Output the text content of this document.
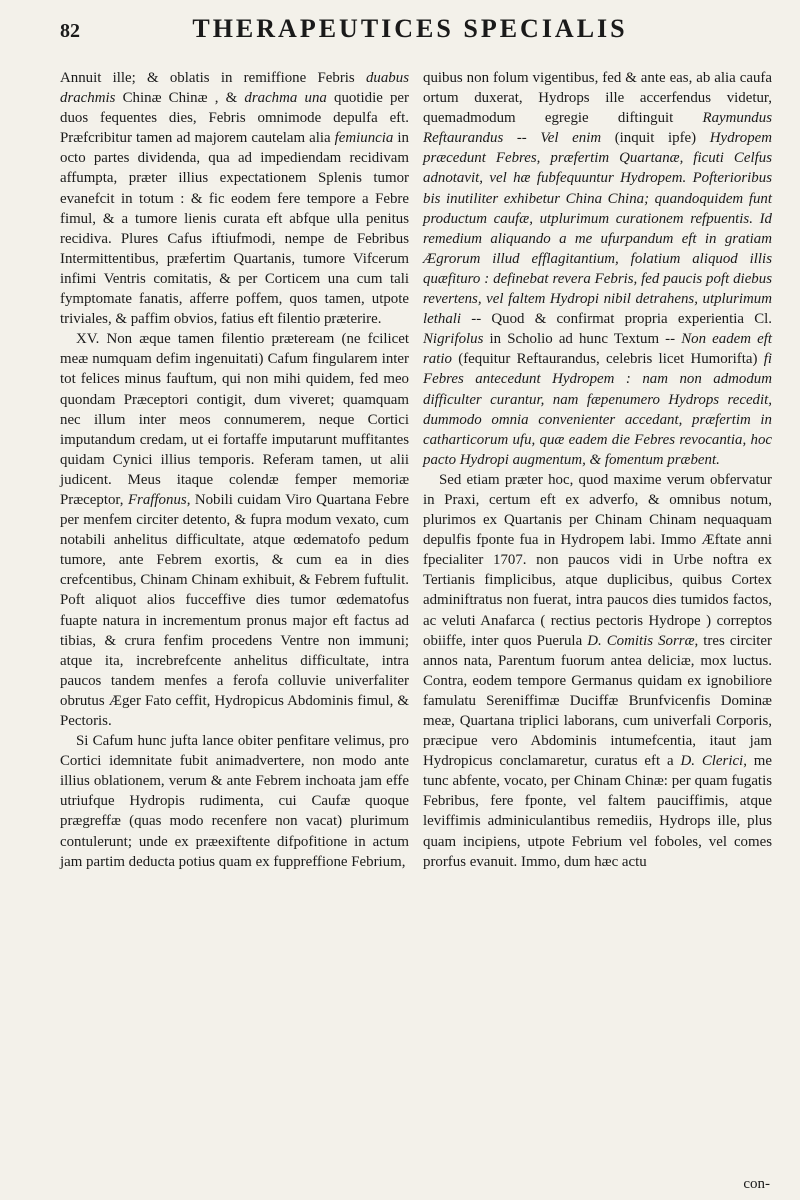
82	THERAPEUTICES SPECIALIS

Annuit ille; & oblatis in remiffione Febris duabus drachmis Chinæ Chinæ , & drachma una quotidie per duos fequentes dies, Febris omnimode depulfa eft. Præfcribitur tamen ad majorem cautelam alia femiuncia in octo partes dividenda, qua ad impediendam recidivam affumpta, præter illius expectationem Splenis tumor evanefcit in totum : & fic eodem fere tempore a Febre fimul, & a tumore lienis curata eft abfque ulla penitus recidiva. Plures Cafus iftiufmodi, nempe de Febribus Intermittentibus, præfertim Quartanis, tumore Vifcerum infimi Ventris comitatis, & per Corticem una cum tali fymptomate fanatis, afferre poffem, quos tamen, utpote triviales, & paffim obvios, fatius eft filentio præterire.

XV. Non æque tamen filentio præteream (ne fcilicet meæ numquam defim ingenuitati) Cafum fingularem inter tot felices minus fauftum, qui non mihi quidem, fed meo quondam Præceptori contigit, dum viveret; quamquam nec illum inter meos connumerem, neque Cortici imputandum credam, ut ei fortaffe imputarunt muffitantes quidam Cynici illius temporis. Referam tamen, ut alii judicent. Meus itaque colendæ femper memoriæ Præceptor, Fraffonus, Nobili cuidam Viro Quartana Febre per menfem circiter detento, & fupra modum vexato, cum notabili anhelitus difficultate, atque œdematofo pedum tumore, ante Febrem exortis, & cum ea in dies crefcentibus, Chinam Chinam exhibuit, & Febrem fuftulit. Poft aliquot alios fucceffive dies tumor œdematofus fuapte natura in incrementum pronus major eft factus ad tibias, & crura fenfim procedens Ventre non immuni; atque ita, increbrefcente anhelitus difficultate, intra paucos tandem menfes a ferofa colluvie univerfaliter obrutus Æger Fato ceffit, Hydropicus Abdominis fimul, & Pectoris.

Si Cafum hunc jufta lance obiter penfitare velimus, pro Cortici idemnitate fubit animadvertere, non modo ante illius oblationem, verum & ante Febrem inchoata jam effe utriufque Hydropis rudimenta, cui Caufæ quoque prægreffæ (quas modo recenfere non vacat) plurimum contulerunt; unde ex præexiftente difpofitione in actum jam partim deducta potius quam ex fuppreffione Febrium,

quibus non folum vigentibus, fed & ante eas, ab alia caufa ortum duxerat, Hydrops ille accerfendus videtur, quemadmodum egregie diftinguit Raymundus Reftaurandus -- Vel enim (inquit ipfe) Hydropem præcedunt Febres, præfertim Quartanæ, ficuti Celfus adnotavit, vel hæ fubfequuntur Hydropem. Pofterioribus bis inutiliter exhibetur China China; quandoquidem funt productum caufæ, utplurimum curationem refpuentis. Id remedium aliquando a me ufurpandum eft in gratiam Ægrorum illud efflagitantium, folatium aliquod illis quæfituro : definebat revera Febris, fed paucis poft diebus revertens, vel faltem Hydropi nibil detrahens, utplurimum lethali -- Quod & confirmat propria experientia Cl. Nigrifolus in Scholio ad hunc Textum -- Non eadem eft ratio (fequitur Reftaurandus, celebris licet Humorifta) fi Febres antecedunt Hydropem : nam non admodum difficulter curantur, nam fæpenumero Hydrops recedit, dummodo omnia convenienter accedant, præfertim in catharticorum ufu, quæ eadem die Febres revocantia, hoc pacto Hydropi augmentum, & fomentum præbent.

Sed etiam præter hoc, quod maxime verum obfervatur in Praxi, certum eft ex adverfo, & omnibus notum, plurimos ex Quartanis per Chinam Chinam nequaquam depulfis fponte fua in Hydropem labi. Immo Æftate anni fpecialiter 1707. non paucos vidi in Urbe noftra ex Tertianis fimplicibus, atque duplicibus, quibus Cortex adminiftratus non fuerat, intra paucos dies tumidos factos, ac veluti Anafarca ( rectius pectoris Hydrope ) correptos obiiffe, inter quos Puerula D. Comitis Sorræ, tres circiter annos nata, Parentum fuorum antea deliciæ, mox luctus. Contra, eodem tempore Germanus quidam ex ignobiliore famulatu Sereniffimæ Duciffæ Brunfvicenfis Dominæ meæ, Quartana triplici laborans, cum univerfali Corporis, præcipue vero Abdominis intumefcentia, itaut jam Hydropicus conclamaretur, curatus eft a D. Clerici, me tunc abfente, vocato, per Chinam Chinæ: per quam fugatis Febribus, fere fponte, vel faltem pauciffimis, atque leviffimis adminiculantibus remediis, Hydrops ille, plus quam incipiens, utpote Febrium vel foboles, vel comes prorfus evanuit. Immo, dum hæc actu

con-
